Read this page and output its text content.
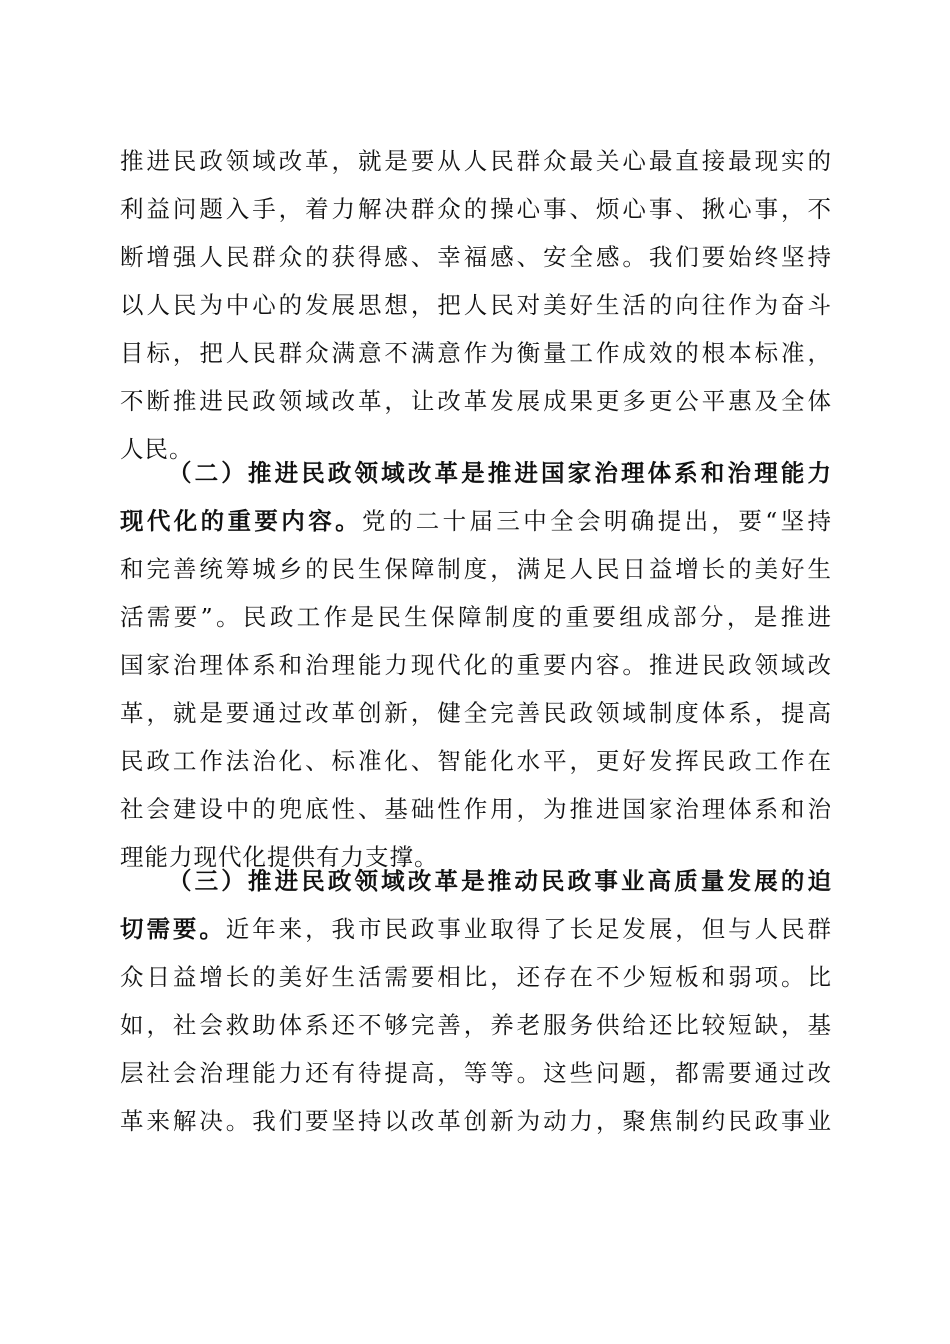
推进民政领域改革，就是要从人民群众最关心最直接最现实的
利益问题入手，着力解决群众的操心事、烦心事、揪心事，不
断增强人民群众的获得感、幸福感、安全感。我们要始终坚持
以人民为中心的发展思想，把人民对美好生活的向往作为奋斗
目标，把人民群众满意不满意作为衡量工作成效的根本标准，
不断推进民政领域改革，让改革发展成果更多更公平惠及全体
人民。
（二）推进民政领域改革是推进国家治理体系和治理能力
现代化的重要内容。党的二十届三中全会明确提出，要“坚持
和完善统筹城乡的民生保障制度，满足人民日益增长的美好生
活需要”。民政工作是民生保障制度的重要组成部分，是推进
国家治理体系和治理能力现代化的重要内容。推进民政领域改
革，就是要通过改革创新，健全完善民政领域制度体系，提高
民政工作法治化、标准化、智能化水平，更好发挥民政工作在
社会建设中的兜底性、基础性作用，为推进国家治理体系和治
理能力现代化提供有力支撑。
（三）推进民政领域改革是推动民政事业高质量发展的迫
切需要。近年来，我市民政事业取得了长足发展，但与人民群
众日益增长的美好生活需要相比，还存在不少短板和弱项。比
如，社会救助体系还不够完善，养老服务供给还比较短缺，基
层社会治理能力还有待提高，等等。这些问题，都需要通过改
革来解决。我们要坚持以改革创新为动力，聚焦制约民政事业
